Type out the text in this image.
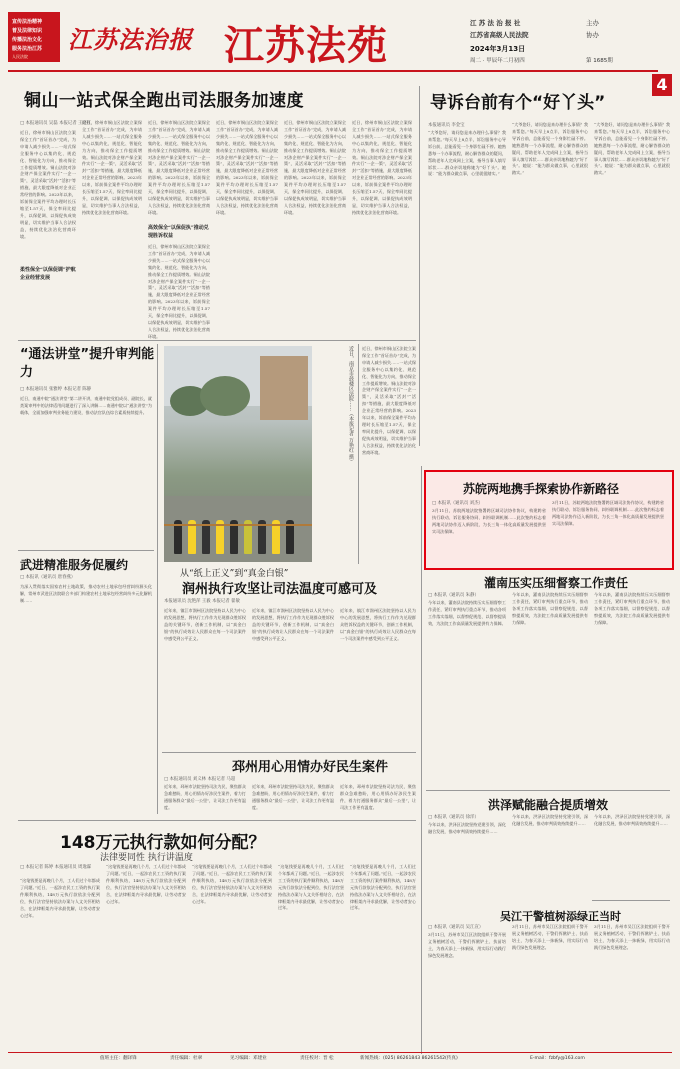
宣传法治精神
普及法律知识
传播法治文化
服务法治江苏
人民法院
江苏法治报 江苏法苑	江 苏 法 治 报 社
江苏省高级人民法院
主办
协办
2024年3月13日
周二 · 甲辰年二月初四	第 1685期
4
铜山一站式保全跑出司法服务加速度
□ 本报通讯员 吴磊 本报记者 王晓红
近日，徐州市铜山区法院立案保全工作“首证首办”完成，为申请人减少损失……一站式保全服务中心以集约化、规范化、智能化为方向，推动保全工作提质增效。铜山法院对涉企财产保全案件实行“一企一策”，灵活采取“活封”“活扣”等措施，最大限度降低对企业正常经营的影响。2023年以来，诉前保全案件平均办理时长压缩至1.57天，保全率同比提升，以保促调、以保促执成效明显，切实维护当事人合法权益，持续优化法治化营商环境。
近日，徐州市铜山区法院立案保全工作“首证首办”完成，为申请人减少损失……一站式保全服务中心以集约化、规范化、智能化为方向，推动保全工作提质增效。铜山法院对涉企财产保全案件实行“一企一策”，灵活采取“活封”“活扣”等措施，最大限度降低对企业正常经营的影响。2023年以来，诉前保全案件平均办理时长压缩至1.57天，保全率同比提升，以保促调、以保促执成效明显，切实维护当事人合法权益，持续优化法治化营商环境。
近日，徐州市铜山区法院立案保全工作“首证首办”完成，为申请人减少损失……一站式保全服务中心以集约化、规范化、智能化为方向，推动保全工作提质增效。铜山法院对涉企财产保全案件实行“一企一策”，灵活采取“活封”“活扣”等措施，最大限度降低对企业正常经营的影响。2023年以来，诉前保全案件平均办理时长压缩至1.57天，保全率同比提升，以保促调、以保促执成效明显，切实维护当事人合法权益，持续优化法治化营商环境。
高效保全“以保促执”推动兑现胜诉权益
近日，徐州市铜山区法院立案保全工作“首证首办”完成，为申请人减少损失……一站式保全服务中心以集约化、规范化、智能化为方向，推动保全工作提质增效。铜山法院对涉企财产保全案件实行“一企一策”，灵活采取“活封”“活扣”等措施，最大限度降低对企业正常经营的影响。2023年以来，诉前保全案件平均办理时长压缩至1.57天，保全率同比提升，以保促调、以保促执成效明显，切实维护当事人合法权益，持续优化法治化营商环境。
近日，徐州市铜山区法院立案保全工作“首证首办”完成，为申请人减少损失……一站式保全服务中心以集约化、规范化、智能化为方向，推动保全工作提质增效。铜山法院对涉企财产保全案件实行“一企一策”，灵活采取“活封”“活扣”等措施，最大限度降低对企业正常经营的影响。2023年以来，诉前保全案件平均办理时长压缩至1.57天，保全率同比提升，以保促调、以保促执成效明显，切实维护当事人合法权益，持续优化法治化营商环境。
近日，徐州市铜山区法院立案保全工作“首证首办”完成，为申请人减少损失……一站式保全服务中心以集约化、规范化、智能化为方向，推动保全工作提质增效。铜山法院对涉企财产保全案件实行“一企一策”，灵活采取“活封”“活扣”等措施，最大限度降低对企业正常经营的影响。2023年以来，诉前保全案件平均办理时长压缩至1.57天，保全率同比提升，以保促调、以保促执成效明显，切实维护当事人合法权益，持续优化法治化营商环境。
近日，徐州市铜山区法院立案保全工作“首证首办”完成，为申请人减少损失……一站式保全服务中心以集约化、规范化、智能化为方向，推动保全工作提质增效。铜山法院对涉企财产保全案件实行“一企一策”，灵活采取“活封”“活扣”等措施，最大限度降低对企业正常经营的影响。2023年以来，诉前保全案件平均办理时长压缩至1.57天，保全率同比提升，以保促调、以保促执成效明显，切实维护当事人合法权益，持续优化法治化营商环境。
柔性保全“以保促调”护航企业经营发展
导诉台前有个“好丫头”
本报通讯员 李金宝
“大爷您好，请问您是来办理什么事情？我来帮您。”每天早上8点半，诉讼服务中心导诉台前，总能看见一个身影忙碌不停。她熟悉每一个办事流程，耐心解答群众的疑问，帮助老年人完成网上立案，指导当事人填写诉状……群众亲切地称她为“好丫头”。她说：“能为群众做点事，心里就很踏实。”
“大爷您好，请问您是来办理什么事情？我来帮您。”每天早上8点半，诉讼服务中心导诉台前，总能看见一个身影忙碌不停。她熟悉每一个办事流程，耐心解答群众的疑问，帮助老年人完成网上立案，指导当事人填写诉状……群众亲切地称她为“好丫头”。她说：“能为群众做点事，心里就很踏实。”
“大爷您好，请问您是来办理什么事情？我来帮您。”每天早上8点半，诉讼服务中心导诉台前，总能看见一个身影忙碌不停。她熟悉每一个办事流程，耐心解答群众的疑问，帮助老年人完成网上立案，指导当事人填写诉状……群众亲切地称她为“好丫头”。她说：“能为群众做点事，心里就很踏实。”
“通法讲堂”提升审判能力
□ 本报通讯员 张雅婷 本报记者 陈静
近日，南通中院“通法讲堂”第二讲开讲，南通中院党组成员、副院长，就类案审判中的法律适用问题进行了深入讲解……南通中院以“通法讲堂”为载体，全面加强审判业务能力建设，推动法官队伍综合素质持续提升。
武进精准服务促履约
□ 本报讯（通讯员 唐春燕）
为深入贯彻落实国家农村土地政策，推动农村土地承包经营纠纷源头化解，常州市武进区法院联合多部门构建农村土地承包经营纠纷多元化解机制……
近日，南京市鼓楼区法院……（本报记者 万艳红 摄） 近日，徐州市铜山区法院立案保全工作“首证首办”完成，为申请人减少损失……一站式保全服务中心以集约化、规范化、智能化为方向，推动保全工作提质增效。铜山法院对涉企财产保全案件实行“一企一策”，灵活采取“活封”“活扣”等措施，最大限度降低对企业正常经营的影响。2023年以来，诉前保全案件平均办理时长压缩至1.57天，保全率同比提升，以保促调、以保促执成效明显，切实维护当事人合法权益，持续优化法治化营商环境。
从“纸上正义”到“真金白银”
润州执行攻坚让司法温度可感可及
本报通讯员 沈艳萍 王毅 本报记者 翟敏
近年来，镇江市润州区法院坚持以人民为中心的发展思想，将执行工作作为兑现群众胜诉权益的关键环节，创新工作机制，以“真金白银”的执行成效让人民群众在每一个司法案件中感受到公平正义。
近年来，镇江市润州区法院坚持以人民为中心的发展思想，将执行工作作为兑现群众胜诉权益的关键环节，创新工作机制，以“真金白银”的执行成效让人民群众在每一个司法案件中感受到公平正义。
近年来，镇江市润州区法院坚持以人民为中心的发展思想，将执行工作作为兑现群众胜诉权益的关键环节，创新工作机制，以“真金白银”的执行成效让人民群众在每一个司法案件中感受到公平正义。
邳州用心用情办好民生案件
□ 本报通讯员 刘义林 本报记者 马超
近年来，邳州市法院坚持司法为民，聚焦群众急难愁盼，用心用情办好涉民生案件，着力打通服务群众“最后一公里”，让司法工作更有温度。
近年来，邳州市法院坚持司法为民，聚焦群众急难愁盼，用心用情办好涉民生案件，着力打通服务群众“最后一公里”，让司法工作更有温度。
近年来，邳州市法院坚持司法为民，聚焦群众急难愁盼，用心用情办好涉民生案件，着力打通服务群众“最后一公里”，让司法工作更有温度。
苏皖两地携手探索协作新路径
□ 本报讯（通讯员 刘杰）
3月11日，苏皖两地法院签署跨区域司法协作协议，构建跨省执行联动、诉讼服务协同、纠纷联调机制……此次签约标志着两地司法协作迈入新阶段，为长三角一体化高质量发展提供坚实司法保障。
3月11日，苏皖两地法院签署跨区域司法协作协议，构建跨省执行联动、诉讼服务协同、纠纷联调机制……此次签约标志着两地司法协作迈入新阶段，为长三角一体化高质量发展提供坚实司法保障。
灌南压实压细督察工作责任
□ 本报讯（通讯员 朱静）
今年以来，灌南县法院持续压实压细督察工作责任，紧盯审判执行重点环节，推动各项工作落实落细，以督察促规范、以督察提质效，为法院工作高质量发展提供有力保障。
今年以来，灌南县法院持续压实压细督察工作责任，紧盯审判执行重点环节，推动各项工作落实落细，以督察促规范、以督察提质效，为法院工作高质量发展提供有力保障。
今年以来，灌南县法院持续压实压细督察工作责任，紧盯审判执行重点环节，推动各项工作落实落细，以督察促规范、以督察提质效，为法院工作高质量发展提供有力保障。
洪泽赋能融合提质增效
□ 本报讯（通讯员 徐洋）
今年以来，洪泽区法院坚持党建引领，深化融合发展，推动审判质效持续提升……
今年以来，洪泽区法院坚持党建引领，深化融合发展，推动审判质效持续提升……
今年以来，洪泽区法院坚持党建引领，深化融合发展，推动审判质效持续提升……
吴江干警植树添绿正当时
□ 本报讯（通讯员 吴江宣）
3月11日，苏州市吴江区法院组织干警开展义务植树活动，干警们挥锹铲土、扶苗培土，为春天添上一抹新绿，用实际行动践行绿色发展理念。
3月11日，苏州市吴江区法院组织干警开展义务植树活动，干警们挥锹铲土、扶苗培土，为春天添上一抹新绿，用实际行动践行绿色发展理念。
3月11日，苏州市吴江区法院组织干警开展义务植树活动，干警们挥锹铲土、扶苗培土，为春天添上一抹新绿，用实际行动践行绿色发展理念。
148万元执行款如何分配？
法律要同性 执行讲温度
□ 本报记者 陈婷 本报通讯员 周逸霖
“这笔钱要是再晚几个月，工人们过个年都成了问题。”近日，一起涉农民工工资的执行案件顺利执结，148万元执行款依法分配到位，执行法官坚持依法办案与人文关怀相结合，在法律框架内寻求最优解，让劳动者安心过年。
“这笔钱要是再晚几个月，工人们过个年都成了问题。”近日，一起涉农民工工资的执行案件顺利执结，148万元执行款依法分配到位，执行法官坚持依法办案与人文关怀相结合，在法律框架内寻求最优解，让劳动者安心过年。
“这笔钱要是再晚几个月，工人们过个年都成了问题。”近日，一起涉农民工工资的执行案件顺利执结，148万元执行款依法分配到位，执行法官坚持依法办案与人文关怀相结合，在法律框架内寻求最优解，让劳动者安心过年。
“这笔钱要是再晚几个月，工人们过个年都成了问题。”近日，一起涉农民工工资的执行案件顺利执结，148万元执行款依法分配到位，执行法官坚持依法办案与人文关怀相结合，在法律框架内寻求最优解，让劳动者安心过年。
“这笔钱要是再晚几个月，工人们过个年都成了问题。”近日，一起涉农民工工资的执行案件顺利执结，148万元执行款依法分配到位，执行法官坚持依法办案与人文关怀相结合，在法律框架内寻求最优解，让劳动者安心过年。
值班主任：翻译锋	责任编辑：杜翠	见习编辑：邓建业	责任校对：晋 松	新闻热线：(025) 86261843 86261542(传真)	E-mail：fzbfy@163.com
